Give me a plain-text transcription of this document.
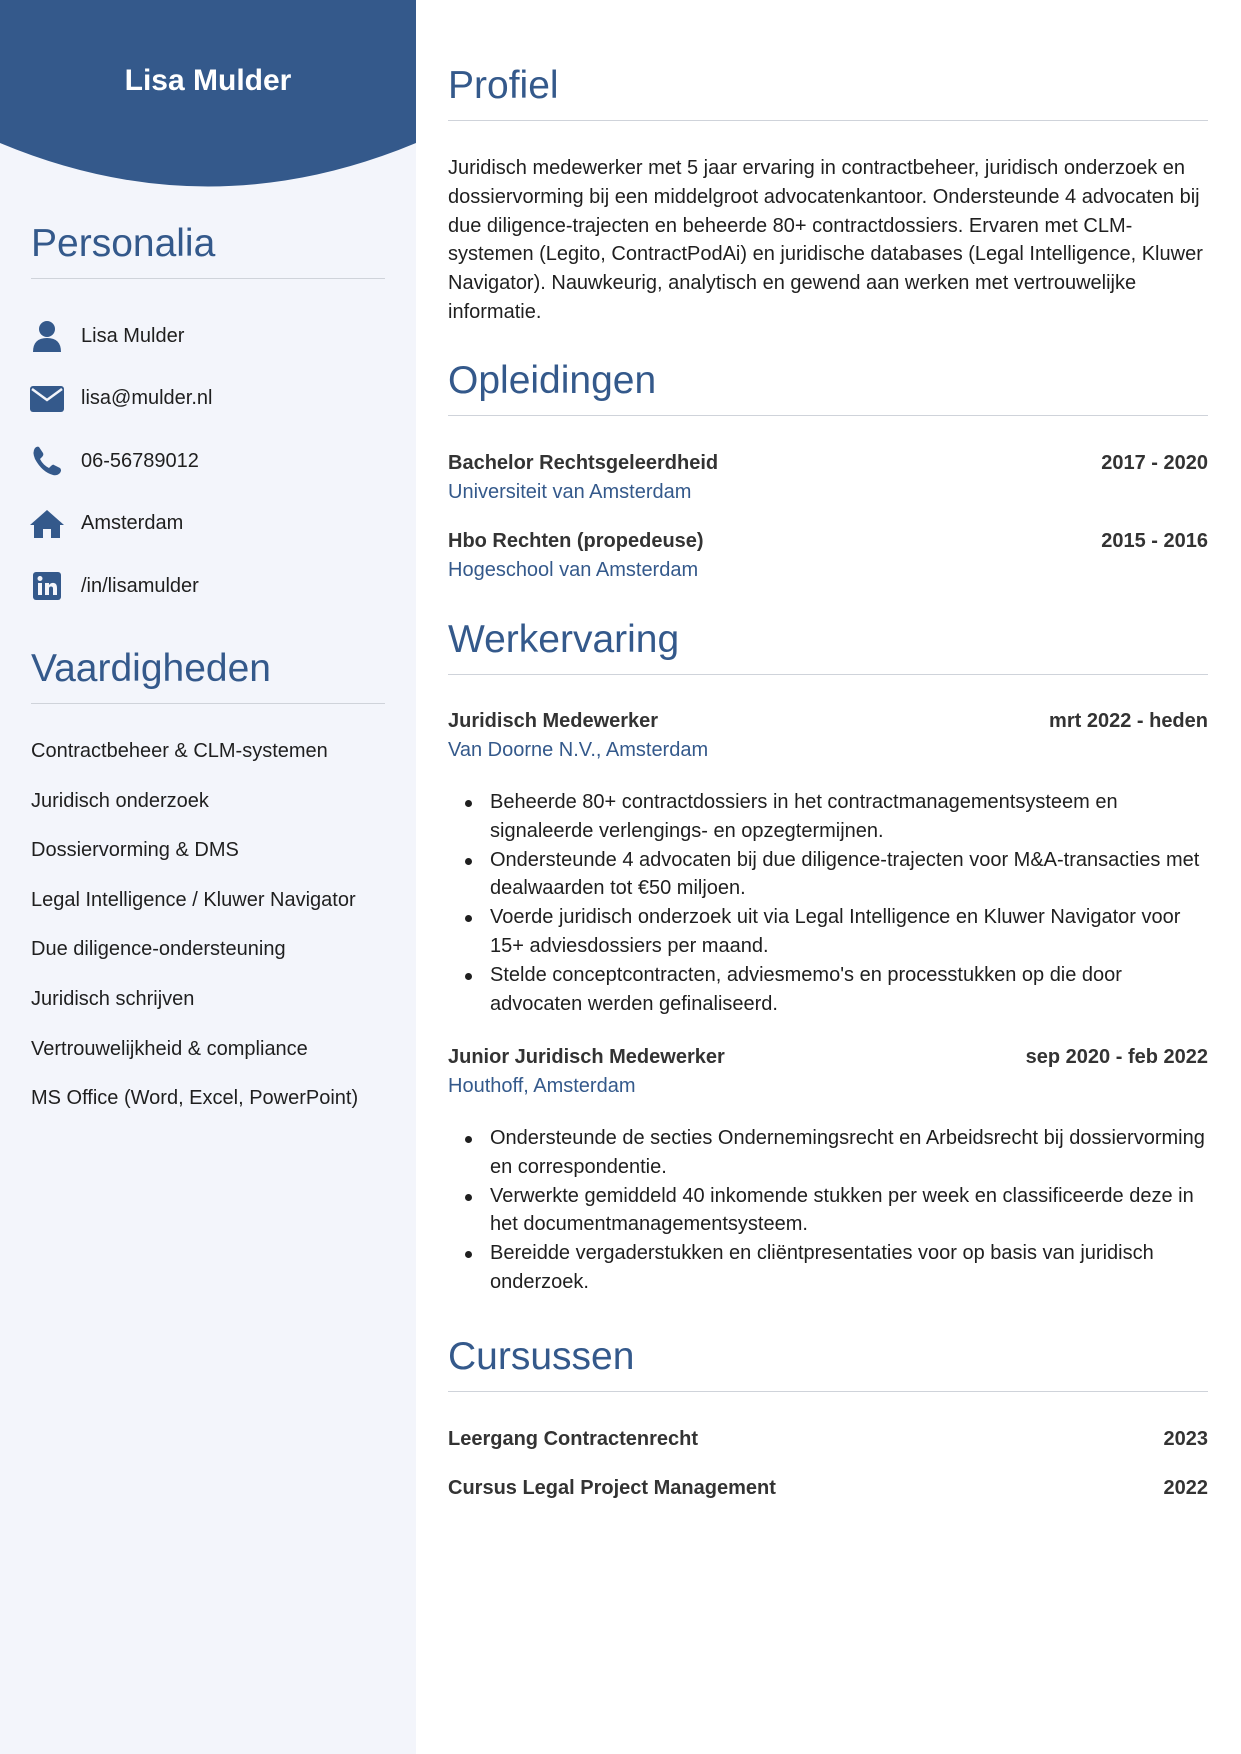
Lisa Mulder
Personalia
Lisa Mulder
lisa@mulder.nl
06-56789012
Amsterdam
/in/lisamulder
Vaardigheden
Contractbeheer & CLM-systemen
Juridisch onderzoek
Dossiervorming & DMS
Legal Intelligence / Kluwer Navigator
Due diligence-ondersteuning
Juridisch schrijven
Vertrouwelijkheid & compliance
MS Office (Word, Excel, PowerPoint)
Profiel

Juridisch medewerker met 5 jaar ervaring in contractbeheer, juridisch onderzoek en dossiervorming bij een middelgroot advocatenkantoor. Ondersteunde 4 advocaten bij due diligence-trajecten en beheerde 80+ contractdossiers. Ervaren met CLM-systemen (Legito, ContractPodAi) en juridische databases (Legal Intelligence, Kluwer Navigator). Nauwkeurig, analytisch en gewend aan werken met vertrouwelijke informatie.

Opleidingen
Bachelor Rechtsgeleerdheid	2017 - 2020
Universiteit van Amsterdam
Hbo Rechten (propedeuse)	2015 - 2016
Hogeschool van Amsterdam
Werkervaring
Juridisch Medewerker	mrt 2022 - heden
Van Doorne N.V., Amsterdam
Beheerde 80+ contractdossiers in het contractmanagementsysteem en signaleerde verlengings- en opzegtermijnen.
Ondersteunde 4 advocaten bij due diligence-trajecten voor M&A-transacties met dealwaarden tot €50 miljoen.
Voerde juridisch onderzoek uit via Legal Intelligence en Kluwer Navigator voor 15+ adviesdossiers per maand.
Stelde conceptcontracten, adviesmemo's en processtukken op die door advocaten werden gefinaliseerd.
Junior Juridisch Medewerker	sep 2020 - feb 2022
Houthoff, Amsterdam
Ondersteunde de secties Ondernemingsrecht en Arbeidsrecht bij dossiervorming en correspondentie.
Verwerkte gemiddeld 40 inkomende stukken per week en classificeerde deze in het documentmanagementsysteem.
Bereidde vergaderstukken en cliëntpresentaties voor op basis van juridisch onderzoek.
Cursussen
Leergang Contractenrecht	2023
Cursus Legal Project Management	2022
